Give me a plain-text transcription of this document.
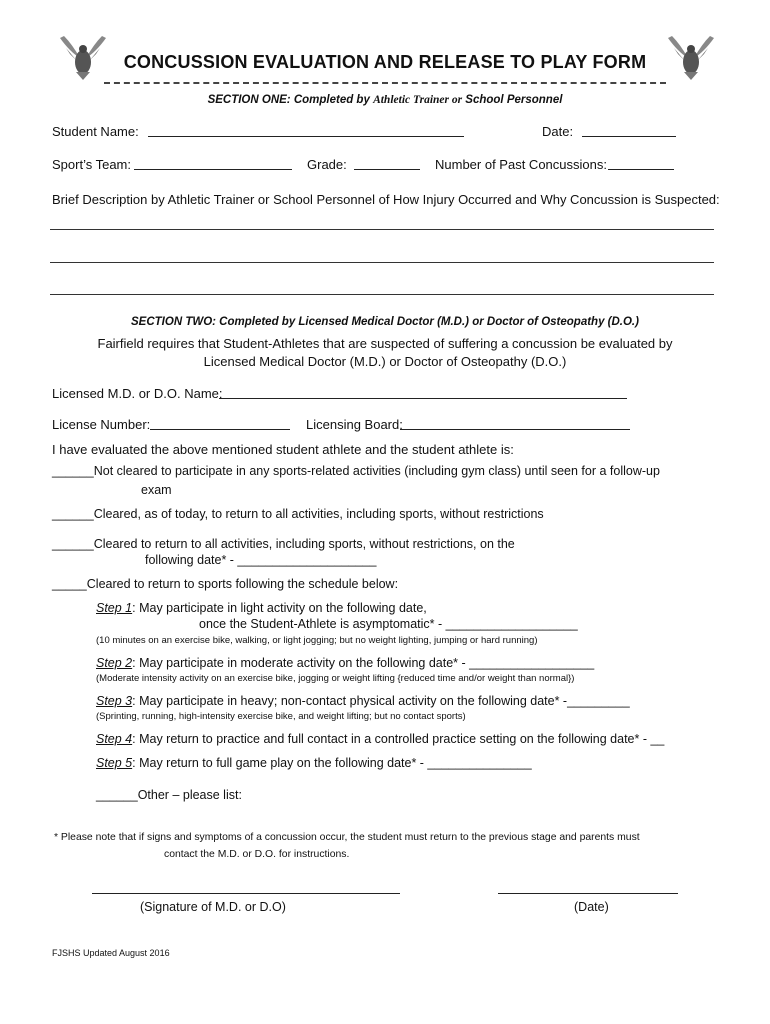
CONCUSSION EVALUATION AND RELEASE TO PLAY FORM
SECTION ONE: Completed by Athletic Trainer or School Personnel
Student Name:	Date:
Sport’s Team:	Grade:	Number of Past Concussions:
Brief Description by Athletic Trainer or School Personnel of How Injury Occurred and Why Concussion is Suspected:
SECTION TWO: Completed by Licensed Medical Doctor (M.D.) or Doctor of Osteopathy (D.O.)
Fairfield requires that Student-Athletes that are suspected of suffering a concussion be evaluated by
Licensed Medical Doctor (M.D.) or Doctor of Osteopathy (D.O.)
Licensed M.D. or D.O. Name:
License Number:	Licensing Board:
I have evaluated the above mentioned student athlete and the student athlete is:
______Not cleared to participate in any sports-related activities (including gym class) until seen for a follow-up
exam
______Cleared, as of today, to return to all activities, including sports, without restrictions
______Cleared to return to all activities, including sports, without restrictions, on the
following date* - ____________________
_____Cleared to return to sports following the schedule below:
Step 1: May participate in light activity on the following date,
once the Student-Athlete is asymptomatic* - ___________________
(10 minutes on an exercise bike, walking, or light jogging; but no weight lighting, jumping or hard running)
Step 2: May participate in moderate activity on the following date* - __________________
(Moderate intensity activity on an exercise bike, jogging or weight lifting {reduced time and/or weight than normal})
Step 3: May participate in heavy; non-contact physical activity on the following date* -_________
(Sprinting, running, high-intensity exercise bike, and weight lifting; but no contact sports)
Step 4: May return to practice and full contact in a controlled practice setting on the following date* - __
Step 5: May return to full game play on the following date* - _______________
______Other – please list:
* Please note that if signs and symptoms of a concussion occur, the student must return to the previous stage and parents must
contact the M.D. or D.O. for instructions.
(Signature of M.D. or D.O)	(Date)
FJSHS Updated August 2016
